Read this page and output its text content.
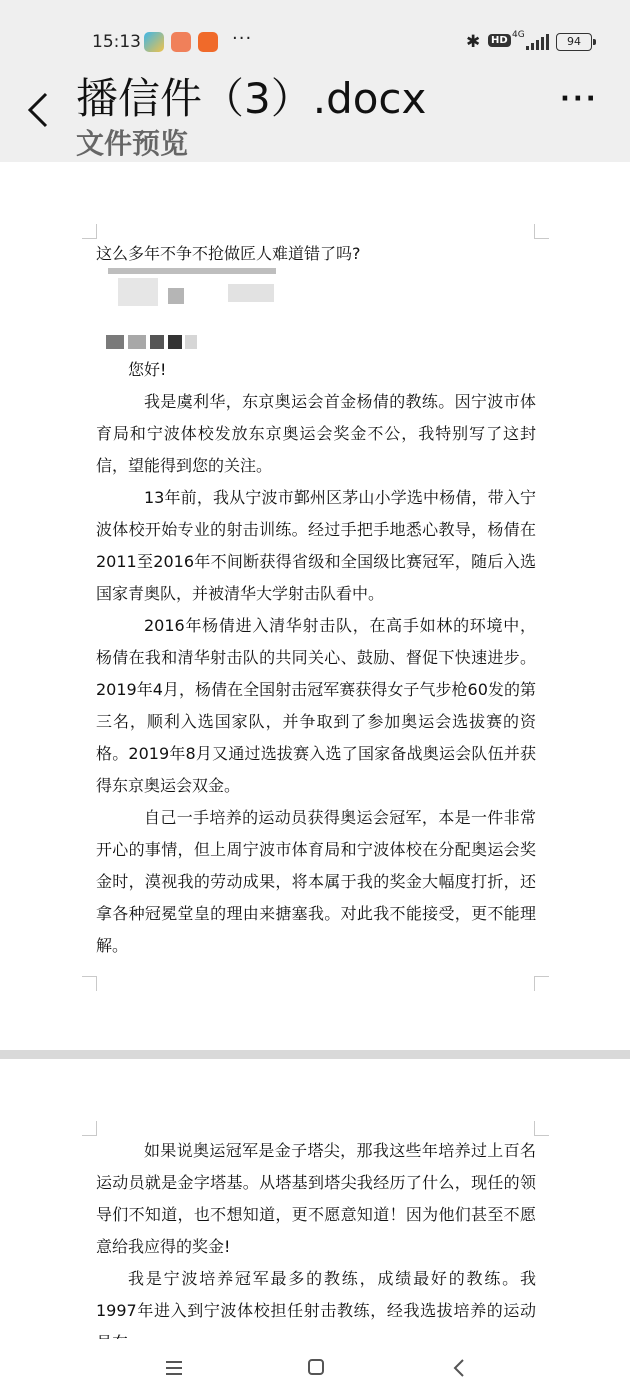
15:13	···	✱	HD 4G	94
播信件（3）.docx
文件预览
···

这么多年不争不抢做匠人难道错了吗?

您好!

我是虞利华，东京奥运会首金杨倩的教练。因宁波市体育局和宁波体校发放东京奥运会奖金不公，我特别写了这封信，望能得到您的关注。

13年前，我从宁波市鄞州区茅山小学选中杨倩，带入宁波体校开始专业的射击训练。经过手把手地悉心教导，杨倩在2011至2016年不间断获得省级和全国级比赛冠军，随后入选国家青奥队，并被清华大学射击队看中。

2016年杨倩进入清华射击队，在高手如林的环境中，杨倩在我和清华射击队的共同关心、鼓励、督促下快速进步。2019年4月，杨倩在全国射击冠军赛获得女子气步枪60发的第三名，顺利入选国家队，并争取到了参加奥运会选拔赛的资格。2019年8月又通过选拔赛入选了国家备战奥运会队伍并获得东京奥运会双金。

自己一手培养的运动员获得奥运会冠军，本是一件非常开心的事情，但上周宁波市体育局和宁波体校在分配奥运会奖金时，漠视我的劳动成果，将本属于我的奖金大幅度打折，还拿各种冠冕堂皇的理由来搪塞我。对此我不能接受，更不能理解。

如果说奥运冠军是金子塔尖，那我这些年培养过上百名运动员就是金字塔基。从塔基到塔尖我经历了什么，现任的领导们不知道，也不想知道，更不愿意知道！因为他们甚至不愿意给我应得的奖金!

我是宁波培养冠军最多的教练，成绩最好的教练。我1997年进入到宁波体校担任射击教练，经我选拔培养的运动
